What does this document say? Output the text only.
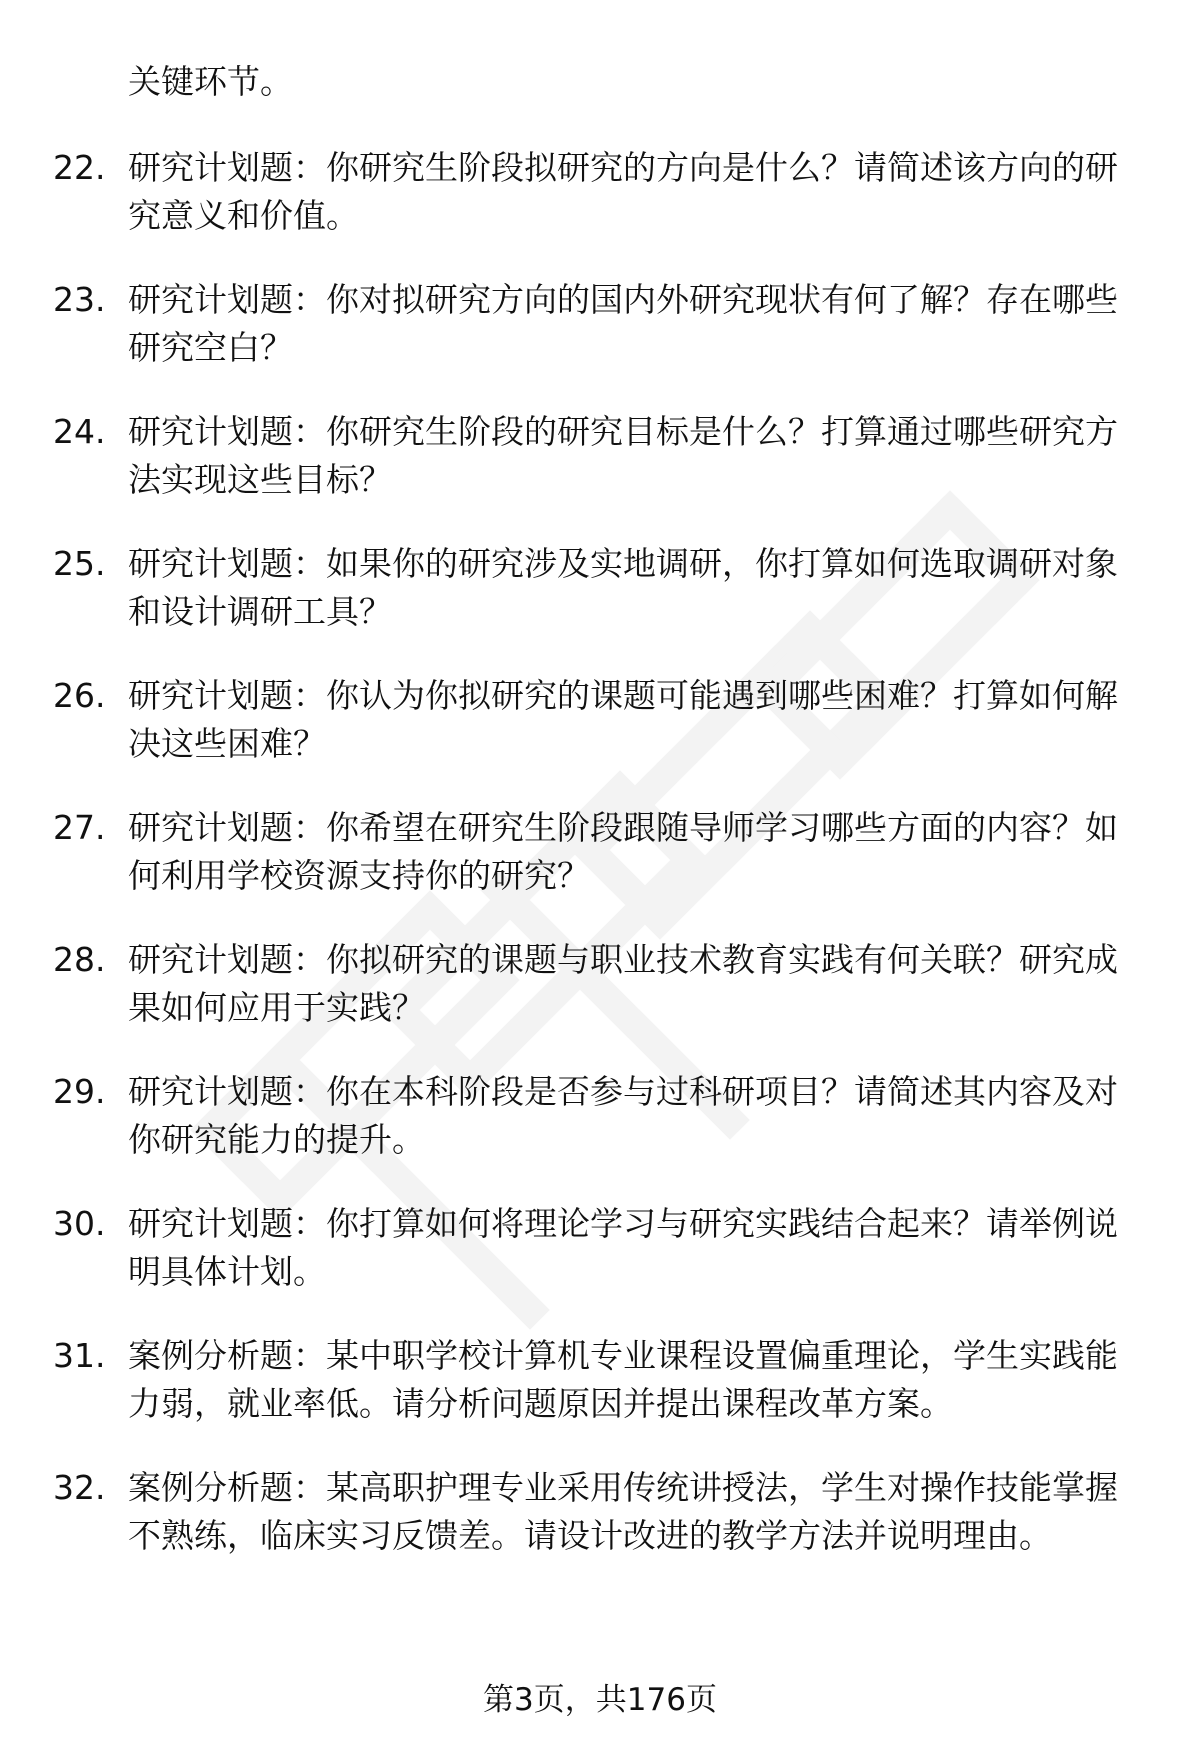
关键环节。
22. 研究计划题：你研究生阶段拟研究的方向是什么？请简述该方向的研究意义和价值。
23. 研究计划题：你对拟研究方向的国内外研究现状有何了解？存在哪些研究空白？
24. 研究计划题：你研究生阶段的研究目标是什么？打算通过哪些研究方法实现这些目标？
25. 研究计划题：如果你的研究涉及实地调研，你打算如何选取调研对象和设计调研工具？
26. 研究计划题：你认为你拟研究的课题可能遇到哪些困难？打算如何解决这些困难？
27. 研究计划题：你希望在研究生阶段跟随导师学习哪些方面的内容？如何利用学校资源支持你的研究？
28. 研究计划题：你拟研究的课题与职业技术教育实践有何关联？研究成果如何应用于实践？
29. 研究计划题：你在本科阶段是否参与过科研项目？请简述其内容及对你研究能力的提升。
30. 研究计划题：你打算如何将理论学习与研究实践结合起来？请举例说明具体计划。
31. 案例分析题：某中职学校计算机专业课程设置偏重理论，学生实践能力弱，就业率低。请分析问题原因并提出课程改革方案。
32. 案例分析题：某高职护理专业采用传统讲授法，学生对操作技能掌握不熟练，临床实习反馈差。请设计改进的教学方法并说明理由。
第3页，共176页
